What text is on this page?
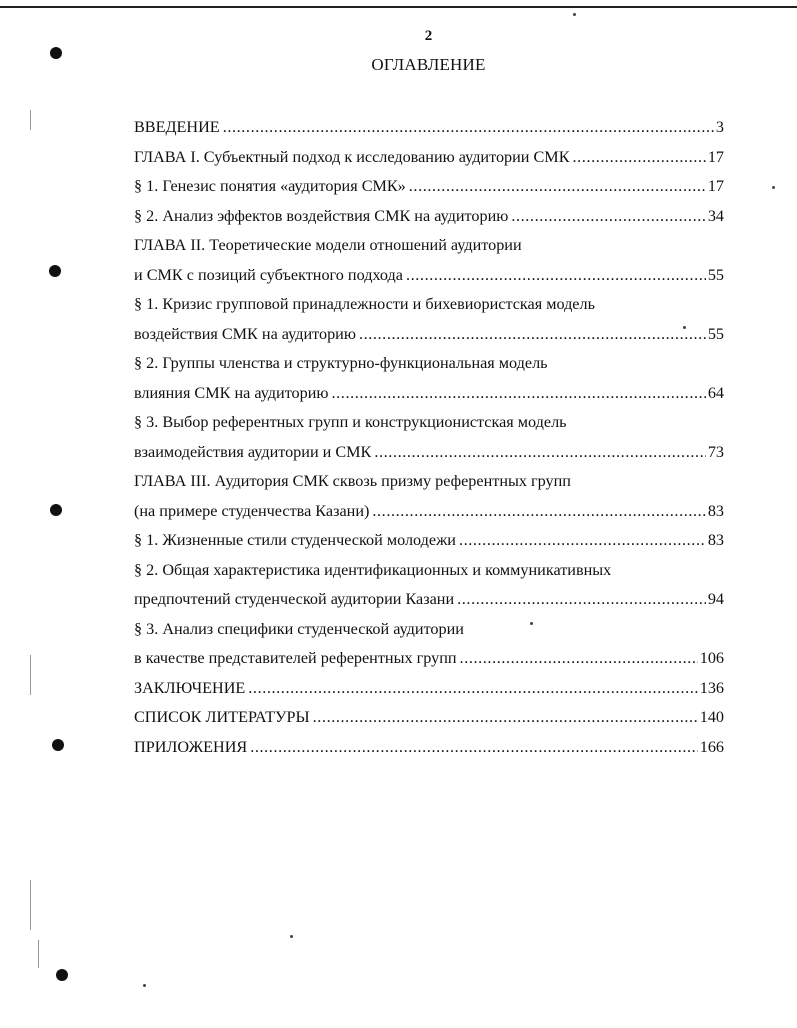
2
ОГЛАВЛЕНИЕ
ВВЕДЕНИЕ .....	3
ГЛАВА I. Субъектный подход к исследованию аудитории СМК .....	17
§ 1. Генезис понятия «аудитория СМК» .....	17
§ 2. Анализ эффектов воздействия СМК на аудиторию .....	34
ГЛАВА II. Теоретические модели отношений аудитории
и СМК с позиций субъектного подхода .....	55
§ 1. Кризис групповой принадлежности и бихевиористская модель
воздействия СМК на аудиторию .....	55
§ 2. Группы членства и структурно-функциональная модель
влияния СМК на аудиторию .....	64
§ 3. Выбор референтных групп и конструкционистская модель
взаимодействия аудитории и СМК .....	73
ГЛАВА III. Аудитория СМК сквозь призму референтных групп
(на примере студенчества Казани) .....	83
§ 1. Жизненные стили студенческой молодежи .....	83
§ 2. Общая характеристика идентификационных и коммуникативных
предпочтений студенческой аудитории Казани .....	94
§ 3. Анализ специфики студенческой аудитории
в качестве представителей референтных групп .....	106
ЗАКЛЮЧЕНИЕ .....	136
СПИСОК ЛИТЕРАТУРЫ .....	140
ПРИЛОЖЕНИЯ .....	166
